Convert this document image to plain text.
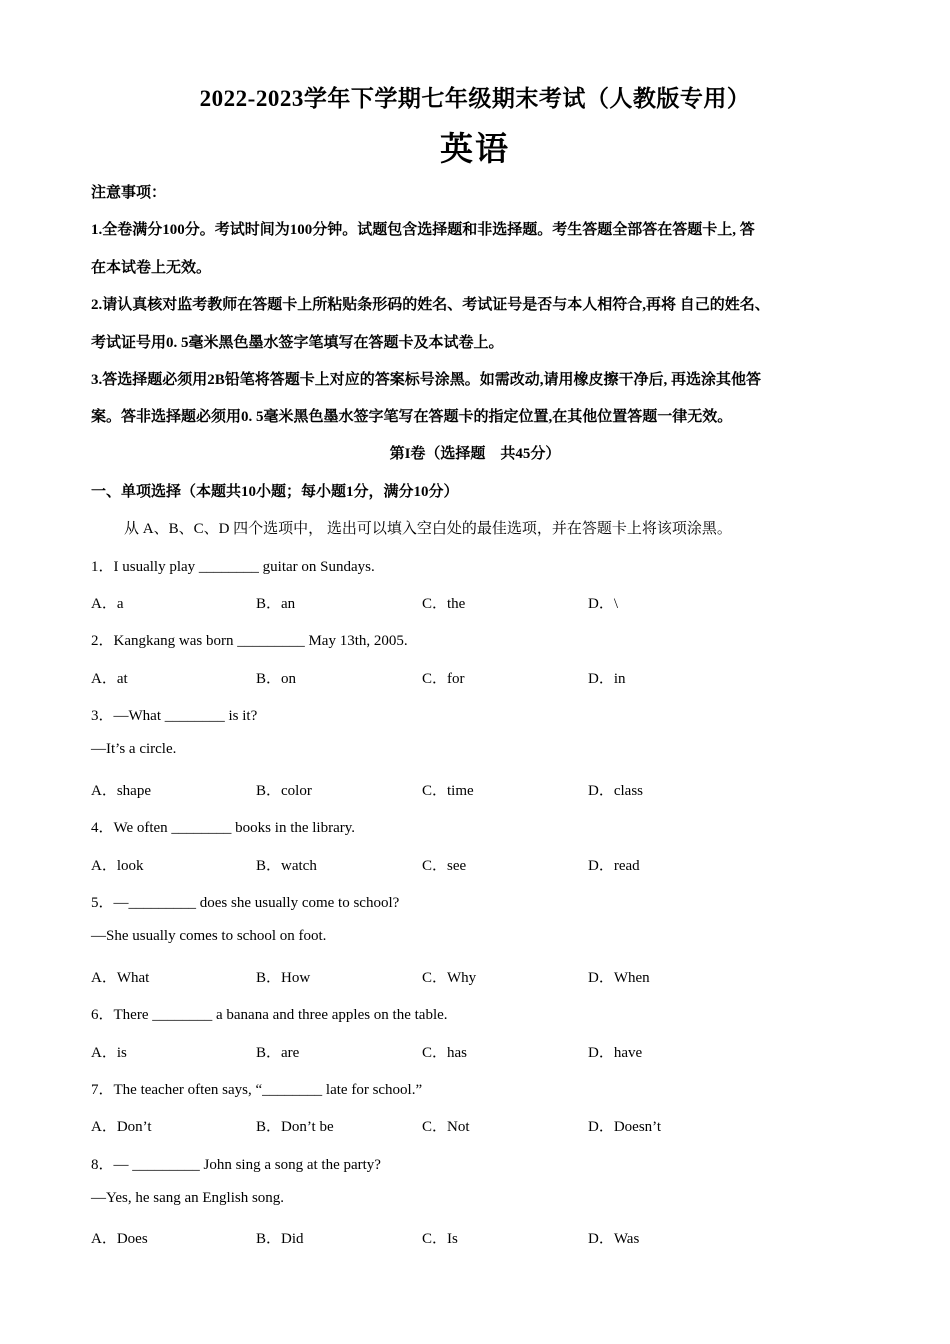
2022-2023学年下学期七年级期末考试（人教版专用）
英语
注意事项：
1.全卷满分100分。考试时间为100分钟。试题包含选择题和非选择题。考生答题全部答在答题卡上, 答
在本试卷上无效。
2.请认真核对监考教师在答题卡上所粘贴条形码的姓名、考试证号是否与本人相符合,再将 自己的姓名、
考试证号用0. 5毫米黑色墨水签字笔填写在答题卡及本试卷上。
3.答选择题必须用2B铅笔将答题卡上对应的答案标号涂黑。如需改动,请用橡皮擦干净后, 再选涂其他答
案。答非选择题必须用0. 5毫米黑色墨水签字笔写在答题卡的指定位置,在其他位置答题一律无效。
第I卷（选择题　共45分）
一、单项选择（本题共10小题；每小题1分，满分10分）
从 A、B、C、D 四个选项中， 选出可以填入空白处的最佳选项，并在答题卡上将该项涂黑。
1．I usually play ________ guitar on Sundays.
A．a	B．an	C．the	D．\
2．Kangkang was born _________ May 13th, 2005.
A．at	B．on	C．for	D．in
3．—What ________ is it?
—It’s a circle.
A．shape	B．color	C．time	D．class
4．We often ________ books in the library.
A．look	B．watch	C．see	D．read
5．—_________ does she usually come to school?
—She usually comes to school on foot.
A．What	B．How	C．Why	D．When
6．There ________ a banana and three apples on the table.
A．is	B．are	C．has	D．have
7．The teacher often says, “________ late for school.”
A．Don’t	B．Don’t be	C．Not	D．Doesn’t
8．— _________ John sing a song at the party?
—Yes, he sang an English song.
A．Does	B．Did	C．Is	D．Was
